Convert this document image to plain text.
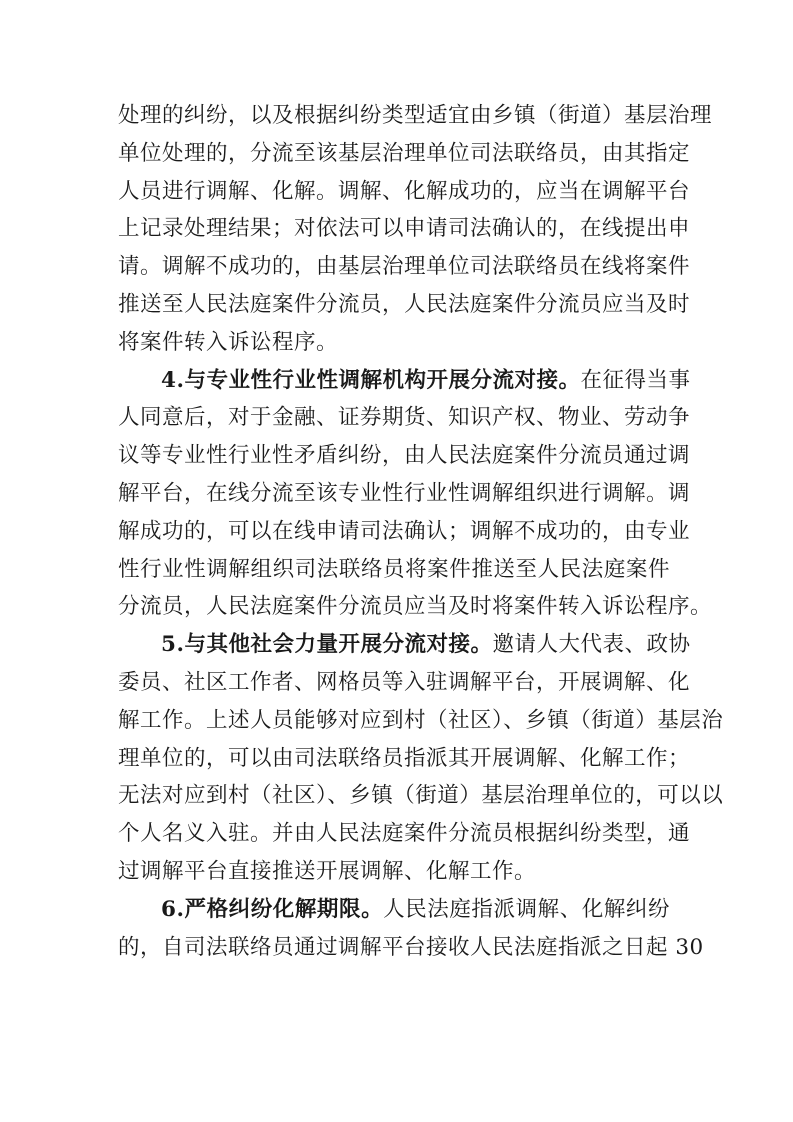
处理的纠纷，以及根据纠纷类型适宜由乡镇（街道）基层治理
单位处理的，分流至该基层治理单位司法联络员，由其指定
人员进行调解、化解。调解、化解成功的，应当在调解平台
上记录处理结果；对依法可以申请司法确认的，在线提出申
请。调解不成功的，由基层治理单位司法联络员在线将案件
推送至人民法庭案件分流员，人民法庭案件分流员应当及时
将案件转入诉讼程序。
4.与专业性行业性调解机构开展分流对接。在征得当事
人同意后，对于金融、证券期货、知识产权、物业、劳动争
议等专业性行业性矛盾纠纷，由人民法庭案件分流员通过调
解平台，在线分流至该专业性行业性调解组织进行调解。调
解成功的，可以在线申请司法确认；调解不成功的，由专业
性行业性调解组织司法联络员将案件推送至人民法庭案件
分流员，人民法庭案件分流员应当及时将案件转入诉讼程序。
5.与其他社会力量开展分流对接。邀请人大代表、政协
委员、社区工作者、网格员等入驻调解平台，开展调解、化
解工作。上述人员能够对应到村（社区）、乡镇（街道）基层治
理单位的，可以由司法联络员指派其开展调解、化解工作；
无法对应到村（社区）、乡镇（街道）基层治理单位的，可以以
个人名义入驻。并由人民法庭案件分流员根据纠纷类型，通
过调解平台直接推送开展调解、化解工作。
6.严格纠纷化解期限。人民法庭指派调解、化解纠纷
的，自司法联络员通过调解平台接收人民法庭指派之日起 30
